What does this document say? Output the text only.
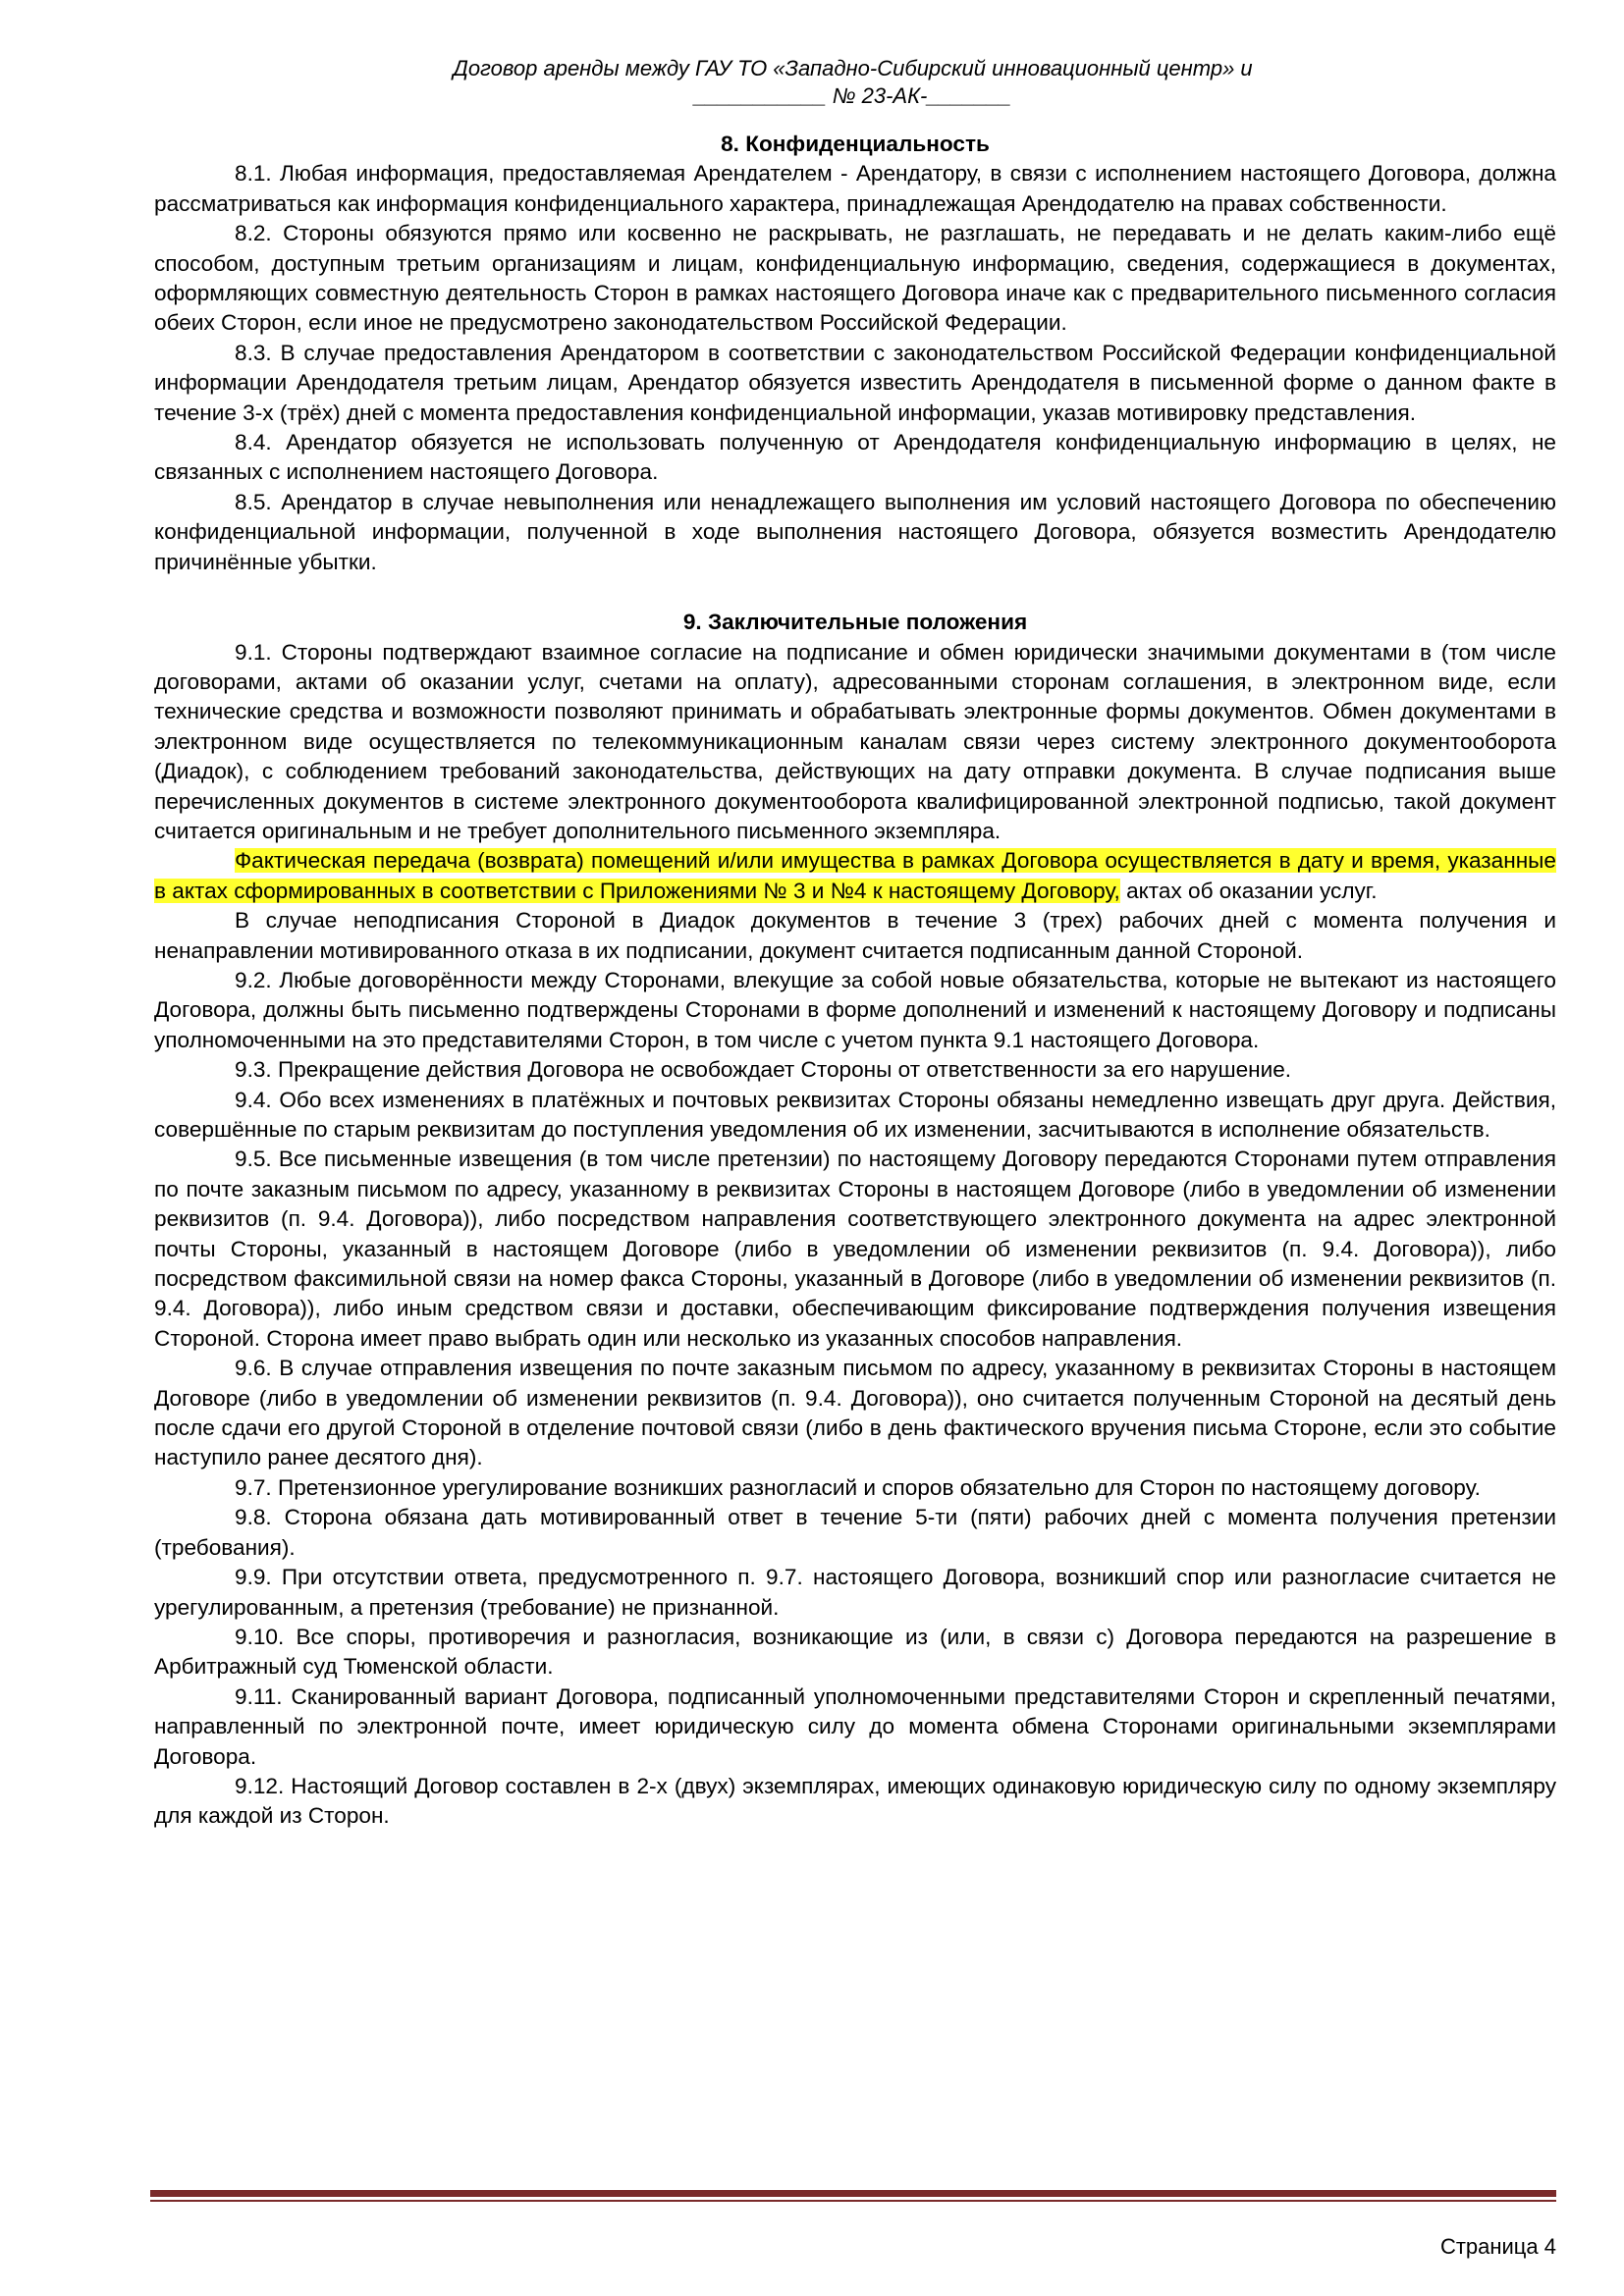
Договор аренды между ГАУ ТО «Западно-Сибирский инновационный центр» и
___________ № 23-АК-_______

8. Конфиденциальность

8.1. Любая информация, предоставляемая Арендателем - Арендатору, в связи с исполнением настоящего Договора, должна рассматриваться как информация конфиденциального характера, принадлежащая Арендодателю на правах собственности.

8.2. Стороны обязуются прямо или косвенно не раскрывать, не разглашать, не передавать и не делать каким-либо ещё способом, доступным третьим организациям и лицам, конфиденциальную информацию, сведения, содержащиеся в документах, оформляющих совместную деятельность Сторон в рамках настоящего Договора иначе как с предварительного письменного согласия обеих Сторон, если иное не предусмотрено законодательством Российской Федерации.

8.3. В случае предоставления Арендатором в соответствии с законодательством Российской Федерации конфиденциальной информации Арендодателя третьим лицам, Арендатор обязуется известить Арендодателя в письменной форме о данном факте в течение 3-х (трёх) дней с момента предоставления конфиденциальной информации, указав мотивировку представления.

8.4. Арендатор обязуется не использовать полученную от Арендодателя конфиденциальную информацию в целях, не связанных с исполнением настоящего Договора.

8.5. Арендатор в случае невыполнения или ненадлежащего выполнения им условий настоящего Договора по обеспечению конфиденциальной информации, полученной в ходе выполнения настоящего Договора, обязуется возместить Арендодателю причинённые убытки.

9. Заключительные положения

9.1. Стороны подтверждают взаимное согласие на подписание и обмен юридически значимыми документами в (том числе договорами, актами об оказании услуг, счетами на оплату), адресованными сторонам соглашения, в электронном виде, если технические средства и возможности позволяют принимать и обрабатывать электронные формы документов. Обмен документами в электронном виде осуществляется по телекоммуникационным каналам связи через систему электронного документооборота (Диадок), с соблюдением требований законодательства, действующих на дату отправки документа. В случае подписания выше перечисленных документов в системе электронного документооборота квалифицированной электронной подписью, такой документ считается оригинальным и не требует дополнительного письменного экземпляра.

Фактическая передача (возврата) помещений и/или имущества в рамках Договора осуществляется в дату и время, указанные в актах сформированных в соответствии с Приложениями № 3 и №4 к настоящему Договору, актах об оказании услуг.

В случае неподписания Стороной в Диадок документов в течение 3 (трех) рабочих дней с момента получения и ненаправлении мотивированного отказа в их подписании, документ считается подписанным данной Стороной.

9.2. Любые договорённости между Сторонами, влекущие за собой новые обязательства, которые не вытекают из настоящего Договора, должны быть письменно подтверждены Сторонами в форме дополнений и изменений к настоящему Договору и подписаны уполномоченными на это представителями Сторон, в том числе с учетом пункта 9.1 настоящего Договора.

9.3. Прекращение действия Договора не освобождает Стороны от ответственности за его нарушение.

9.4. Обо всех изменениях в платёжных и почтовых реквизитах Стороны обязаны немедленно извещать друг друга. Действия, совершённые по старым реквизитам до поступления уведомления об их изменении, засчитываются в исполнение обязательств.

9.5. Все письменные извещения (в том числе претензии) по настоящему Договору передаются Сторонами путем отправления по почте заказным письмом по адресу, указанному в реквизитах Стороны в настоящем Договоре (либо в уведомлении об изменении реквизитов (п. 9.4. Договора)), либо посредством направления соответствующего электронного документа на адрес электронной почты Стороны, указанный в настоящем Договоре (либо в уведомлении об изменении реквизитов (п. 9.4. Договора)), либо посредством факсимильной связи на номер факса Стороны, указанный в Договоре (либо в уведомлении об изменении реквизитов (п. 9.4. Договора)), либо иным средством связи и доставки, обеспечивающим фиксирование подтверждения получения извещения Стороной. Сторона имеет право выбрать один или несколько из указанных способов направления.

9.6. В случае отправления извещения по почте заказным письмом по адресу, указанному в реквизитах Стороны в настоящем Договоре (либо в уведомлении об изменении реквизитов (п. 9.4. Договора)), оно считается полученным Стороной на десятый день после сдачи его другой Стороной в отделение почтовой связи (либо в день фактического вручения письма Стороне, если это событие наступило ранее десятого дня).

9.7. Претензионное урегулирование возникших разногласий и споров обязательно для Сторон по настоящему договору.

9.8. Сторона обязана дать мотивированный ответ в течение 5-ти (пяти) рабочих дней с момента получения претензии (требования).

9.9. При отсутствии ответа, предусмотренного п. 9.7. настоящего Договора, возникший спор или разногласие считается не урегулированным, а претензия (требование) не признанной.

9.10. Все споры, противоречия и разногласия, возникающие из (или, в связи с) Договора передаются на разрешение в Арбитражный суд Тюменской области.

9.11. Сканированный вариант Договора, подписанный уполномоченными представителями Сторон и скрепленный печатями, направленный по электронной почте, имеет юридическую силу до момента обмена Сторонами оригинальными экземплярами Договора.

9.12. Настоящий Договор составлен в 2-х (двух) экземплярах, имеющих одинаковую юридическую силу по одному экземпляру для каждой из Сторон.

Страница 4
